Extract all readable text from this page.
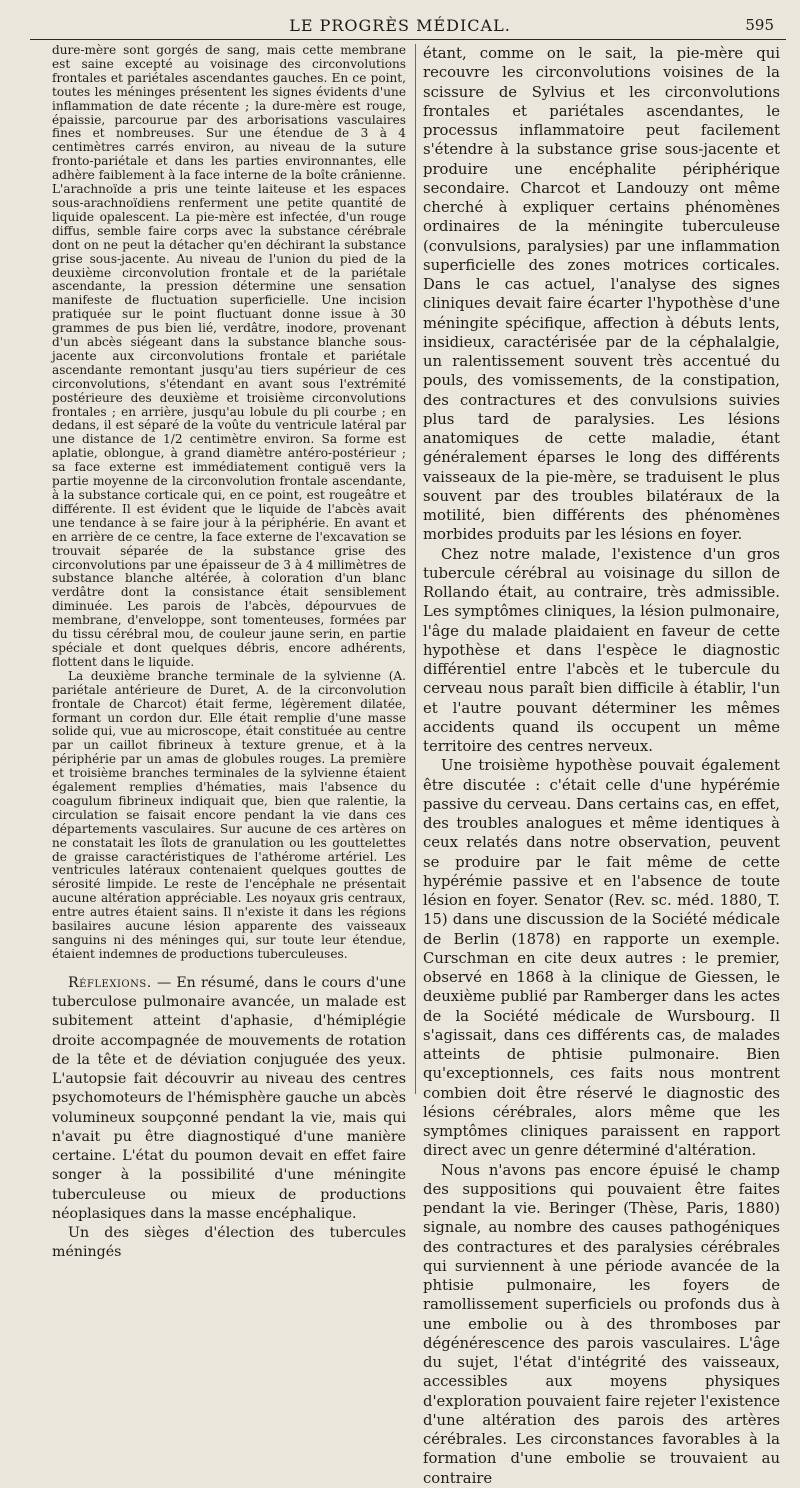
LE PROGRÈS MÉDICAL.	595

dure-mère sont gorgés de sang, mais cette membrane est saine excepté au voisinage des circonvolutions frontales et pariétales ascendantes gauches. En ce point, toutes les méninges présentent les signes évidents d'une inflammation de date récente ; la dure-mère est rouge, épaissie, parcourue par des arborisations vasculaires fines et nombreuses. Sur une étendue de 3 à 4 centimètres carrés environ, au niveau de la suture fronto-pariétale et dans les parties environnantes, elle adhère faiblement à la face interne de la boîte crânienne. L'arachnoïde a pris une teinte laiteuse et les espaces sous-arachnoïdiens renferment une petite quantité de liquide opalescent. La pie-mère est infectée, d'un rouge diffus, semble faire corps avec la substance cérébrale dont on ne peut la détacher qu'en déchirant la substance grise sous-jacente. Au niveau de l'union du pied de la deuxième circonvolution frontale et de la pariétale ascendante, la pression détermine une sensation manifeste de fluctuation superficielle. Une incision pratiquée sur le point fluctuant donne issue à 30 grammes de pus bien lié, verdâtre, inodore, provenant d'un abcès siégeant dans la substance blanche sous-jacente aux circonvolutions frontale et pariétale ascendante remontant jusqu'au tiers supérieur de ces circonvolutions, s'étendant en avant sous l'extrémité postérieure des deuxième et troisième circonvolutions frontales ; en arrière, jusqu'au lobule du pli courbe ; en dedans, il est séparé de la voûte du ventricule latéral par une distance de 1/2 centimètre environ. Sa forme est aplatie, oblongue, à grand diamètre antéro-postérieur ; sa face externe est immédiatement contiguë vers la partie moyenne de la circonvolution frontale ascendante, à la substance corticale qui, en ce point, est rougeâtre et différente. Il est évident que le liquide de l'abcès avait une tendance à se faire jour à la périphérie. En avant et en arrière de ce centre, la face externe de l'excavation se trouvait séparée de la substance grise des circonvolutions par une épaisseur de 3 à 4 millimètres de substance blanche altérée, à coloration d'un blanc verdâtre dont la consistance était sensiblement diminuée. Les parois de l'abcès, dépourvues de membrane, d'enveloppe, sont tomenteuses, formées par du tissu cérébral mou, de couleur jaune serin, en partie spéciale et dont quelques débris, encore adhérents, flottent dans le liquide.

La deuxième branche terminale de la sylvienne (A. pariétale antérieure de Duret, A. de la circonvolution frontale de Charcot) était ferme, légèrement dilatée, formant un cordon dur. Elle était remplie d'une masse solide qui, vue au microscope, était constituée au centre par un caillot fibrineux à texture grenue, et à la périphérie par un amas de globules rouges. La première et troisième branches terminales de la sylvienne étaient également remplies d'hématies, mais l'absence du coagulum fibrineux indiquait que, bien que ralentie, la circulation se faisait encore pendant la vie dans ces départements vasculaires. Sur aucune de ces artères on ne constatait les îlots de granulation ou les gouttelettes de graisse caractéristiques de l'athérome artériel. Les ventricules latéraux contenaient quelques gouttes de sérosité limpide. Le reste de l'encéphale ne présentait aucune altération appréciable. Les noyaux gris centraux, entre autres étaient sains. Il n'existe it dans les régions basilaires aucune lésion apparente des vaisseaux sanguins ni des méninges qui, sur toute leur étendue, étaient indemnes de productions tuberculeuses.

Réflexions. — En résumé, dans le cours d'une tuberculose pulmonaire avancée, un malade est subitement atteint d'aphasie, d'hémiplégie droite accompagnée de mouvements de rotation de la tête et de déviation conjuguée des yeux. L'autopsie fait découvrir au niveau des centres psychomoteurs de l'hémisphère gauche un abcès volumineux soupçonné pendant la vie, mais qui n'avait pu être diagnostiqué d'une manière certaine. L'état du poumon devait en effet faire songer à la possibilité d'une méningite tuberculeuse ou mieux de productions néoplasiques dans la masse encéphalique.

Un des sièges d'élection des tubercules méningés

étant, comme on le sait, la pie-mère qui recouvre les circonvolutions voisines de la scissure de Sylvius et les circonvolutions frontales et pariétales ascendantes, le processus inflammatoire peut facilement s'étendre à la substance grise sous-jacente et produire une encéphalite périphérique secondaire. Charcot et Landouzy ont même cherché à expliquer certains phénomènes ordinaires de la méningite tuberculeuse (convulsions, paralysies) par une inflammation superficielle des zones motrices corticales. Dans le cas actuel, l'analyse des signes cliniques devait faire écarter l'hypothèse d'une méningite spécifique, affection à débuts lents, insidieux, caractérisée par de la céphalalgie, un ralentissement souvent très accentué du pouls, des vomissements, de la constipation, des contractures et des convulsions suivies plus tard de paralysies. Les lésions anatomiques de cette maladie, étant généralement éparses le long des différents vaisseaux de la pie-mère, se traduisent le plus souvent par des troubles bilatéraux de la motilité, bien différents des phénomènes morbides produits par les lésions en foyer.

Chez notre malade, l'existence d'un gros tubercule cérébral au voisinage du sillon de Rollando était, au contraire, très admissible. Les symptômes cliniques, la lésion pulmonaire, l'âge du malade plaidaient en faveur de cette hypothèse et dans l'espèce le diagnostic différentiel entre l'abcès et le tubercule du cerveau nous paraît bien difficile à établir, l'un et l'autre pouvant déterminer les mêmes accidents quand ils occupent un même territoire des centres nerveux.

Une troisième hypothèse pouvait également être discutée : c'était celle d'une hypérémie passive du cerveau. Dans certains cas, en effet, des troubles analogues et même identiques à ceux relatés dans notre observation, peuvent se produire par le fait même de cette hypérémie passive et en l'absence de toute lésion en foyer. Senator (Rev. sc. méd. 1880, T. 15) dans une discussion de la Société médicale de Berlin (1878) en rapporte un exemple. Curschman en cite deux autres : le premier, observé en 1868 à la clinique de Giessen, le deuxième publié par Ramberger dans les actes de la Société médicale de Wursbourg. Il s'agissait, dans ces différents cas, de malades atteints de phtisie pulmonaire. Bien qu'exceptionnels, ces faits nous montrent combien doit être réservé le diagnostic des lésions cérébrales, alors même que les symptômes cliniques paraissent en rapport direct avec un genre déterminé d'altération.

Nous n'avons pas encore épuisé le champ des suppositions qui pouvaient être faites pendant la vie. Beringer (Thèse, Paris, 1880) signale, au nombre des causes pathogéniques des contractures et des paralysies cérébrales qui surviennent à une période avancée de la phtisie pulmonaire, les foyers de ramollissement superficiels ou profonds dus à une embolie ou à des thromboses par dégénérescence des parois vasculaires. L'âge du sujet, l'état d'intégrité des vaisseaux, accessibles aux moyens physiques d'exploration pouvaient faire rejeter l'existence d'une altération des parois des artères cérébrales. Les circonstances favorables à la formation d'une embolie se trouvaient au contraire
